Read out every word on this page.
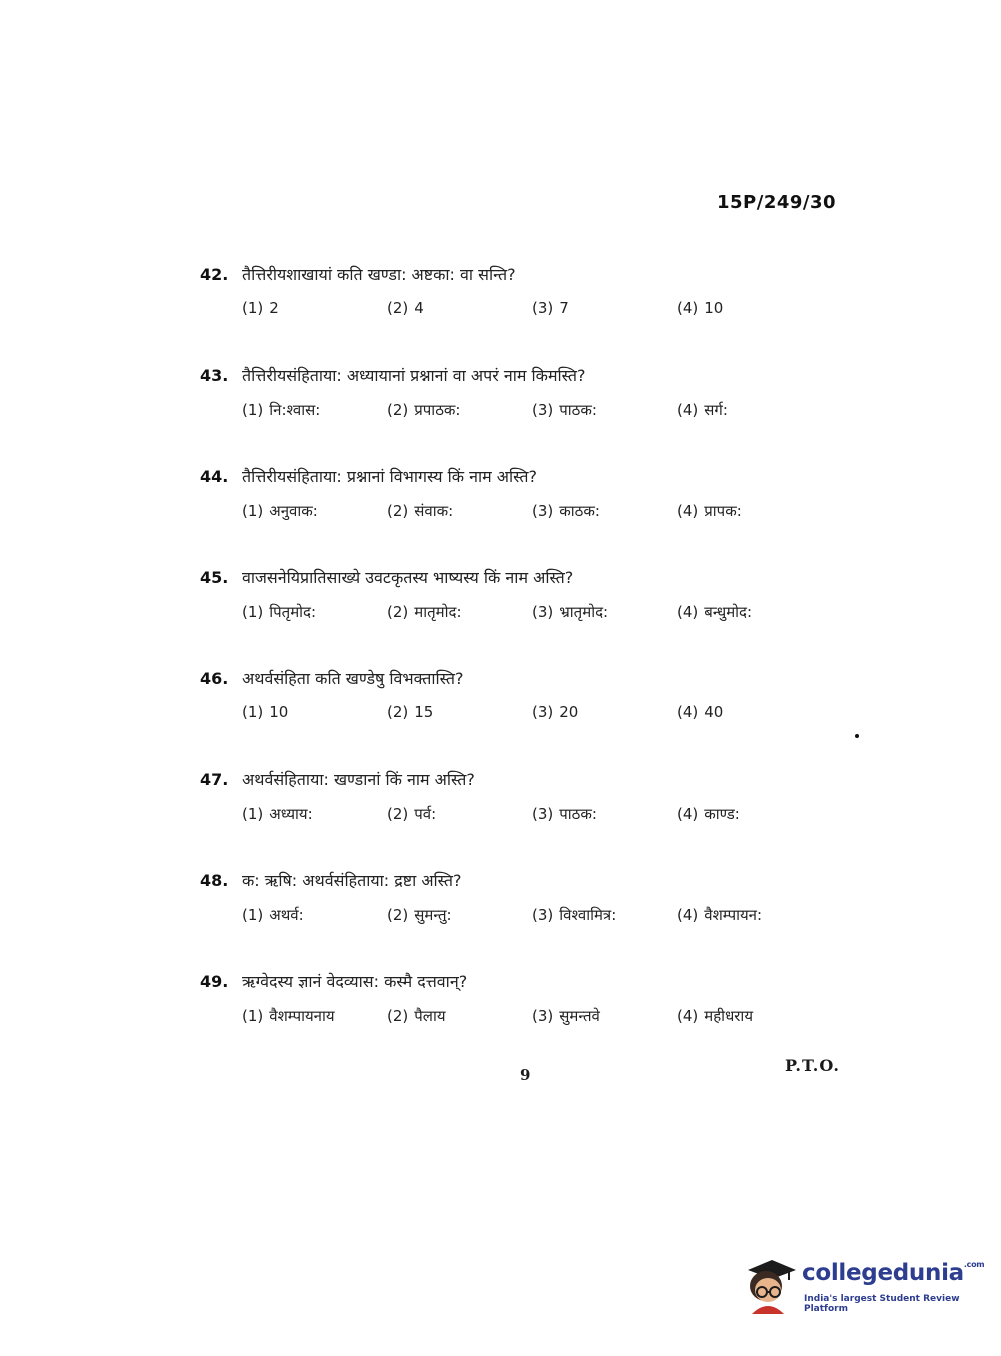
15P/249/30
42. तैत्तिरीयशाखायां कति खण्डा: अष्टका: वा सन्ति?
(1) 2	(2) 4	(3) 7	(4) 10
43. तैत्तिरीयसंहिताया: अध्यायानां प्रश्नानां वा अपरं नाम किमस्ति?
(1) नि:श्वास:	(2) प्रपाठक:	(3) पाठक:	(4) सर्ग:
44. तैत्तिरीयसंहिताया: प्रश्नानां विभागस्य किं नाम अस्ति?
(1) अनुवाक:	(2) संवाक:	(3) काठक:	(4) प्रापक:
45. वाजसनेयिप्रातिसाख्ये उवटकृतस्य भाष्यस्य किं नाम अस्ति?
(1) पितृमोद:	(2) मातृमोद:	(3) भ्रातृमोद:	(4) बन्धुमोद:
46. अथर्वसंहिता कति खण्डेषु विभक्तास्ति?
(1) 10	(2) 15	(3) 20	(4) 40
47. अथर्वसंहिताया: खण्डानां किं नाम अस्ति?
(1) अध्याय:	(2) पर्व:	(3) पाठक:	(4) काण्ड:
48. क: ऋषि: अथर्वसंहिताया: द्रष्टा अस्ति?
(1) अथर्व:	(2) सुमन्तु:	(3) विश्वामित्र:	(4) वैशम्पायन:
49. ऋग्वेदस्य ज्ञानं वेदव्यास: कस्मै दत्तवान्?
(1) वैशम्पायनाय	(2) पैलाय	(3) सुमन्तवे	(4) महीधराय
9	P.T.O.
collegedunia$^{.com}$
India's largest Student Review Platform
